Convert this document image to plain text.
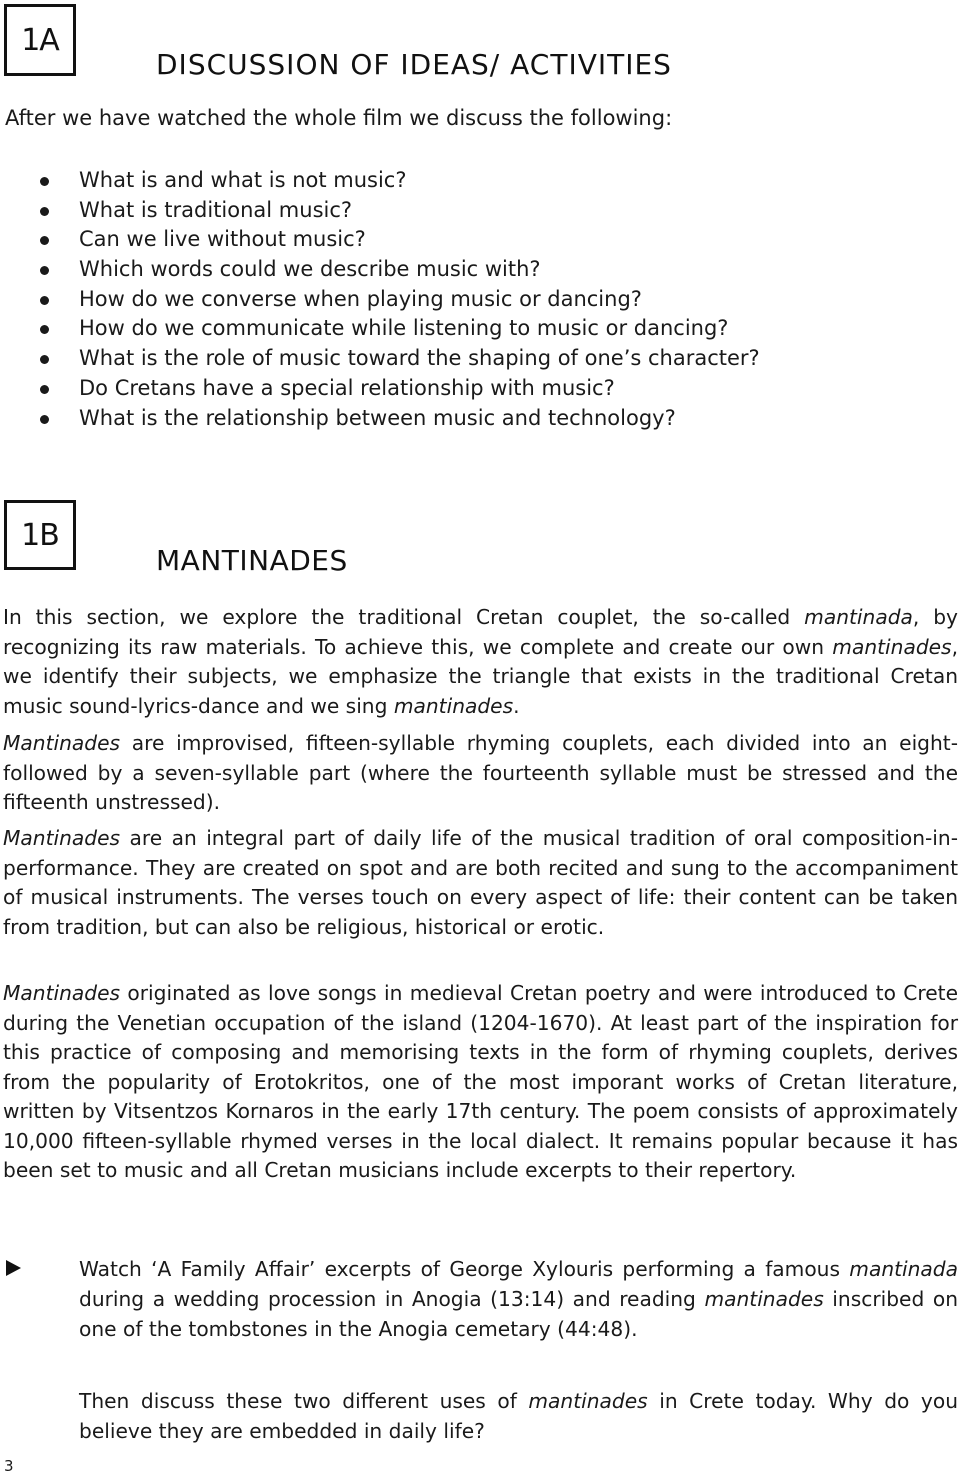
1A
DISCUSSION OF IDEAS/ ACTIVITIES
After we have watched the whole film we discuss the following:
What is and what is not music?
What is traditional music?
Can we live without music?
Which words could we describe music with?
How do we converse when playing music or dancing?
How do we communicate while listening to music or dancing?
What is the role of music toward the shaping of one’s character?
Do Cretans have a special relationship with music?
What is the relationship between music and technology?
1B
MANTINADES

In this section, we explore the traditional Cretan couplet, the so-called mantinada, by recognizing its raw materials. To achieve this, we complete and create our own mantinades, we identify their subjects, we emphasize the triangle that exists in the traditional Cretan music sound-lyrics-dance and we sing mantinades.

Mantinades are improvised, fifteen-syllable rhyming couplets, each divided into an eight- followed by a seven-syllable part (where the fourteenth syllable must be stressed and the fifteenth unstressed).

Mantinades are an integral part of daily life of the musical tradition of oral composition-in-performance. They are created on spot and are both recited and sung to the accompaniment of musical instruments. The verses touch on every aspect of life: their content can be taken from tradition, but can also be religious, historical or erotic.

Mantinades originated as love songs in medieval Cretan poetry and were introduced to Crete during the Venetian occupation of the island (1204-1670). At least part of the inspiration for this practice of composing and memorising texts in the form of rhyming couplets, derives from the popularity of Erotokritos, one of the most imporant works of Cretan literature, written by Vitsentzos Kornaros in the early 17th century. The poem consists of approximately 10,000 fifteen-syllable rhymed verses in the local dialect. It remains popular because it has been set to music and all Cretan musicians include excerpts to their repertory.

Watch ‘A Family Affair’ excerpts of George Xylouris performing a famous mantinada during a wedding procession in Anogia (13:14) and reading mantinades inscribed on one of the tombstones in the Anogia cemetary (44:48).

Then discuss these two different uses of mantinades in Crete today. Why do you believe they are embedded in daily life?

3
